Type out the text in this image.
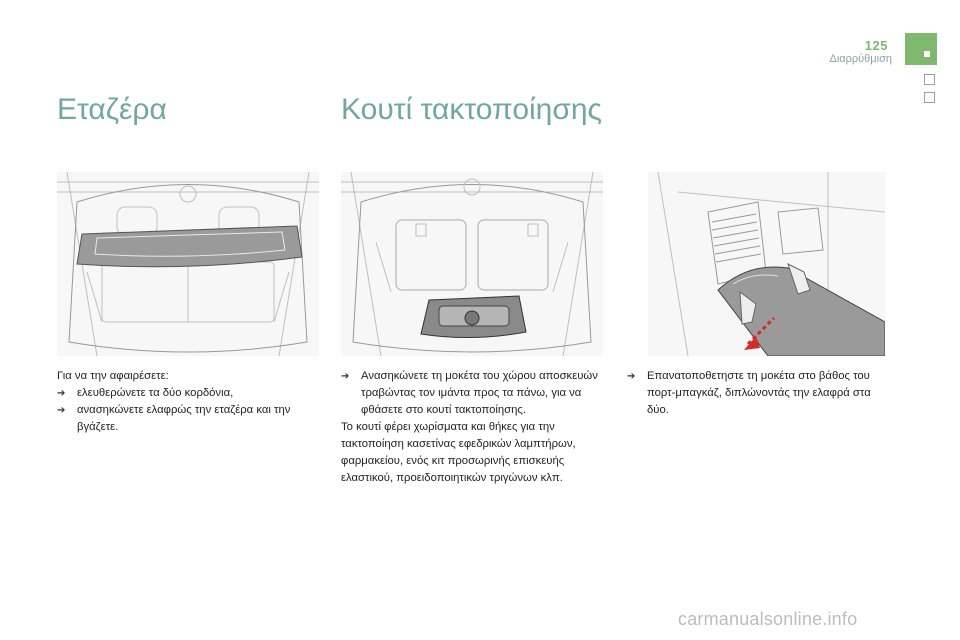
125
Διαρρύθμιση
Εταζέρα	Κουτί τακτοποίησης

Για να την αφαιρέσετε:

➔	ελευθερώνετε τα δύο κορδόνια,

➔	ανασηκώνετε ελαφρώς την εταζέρα και την βγάζετε.

➔	Ανασηκώνετε τη μοκέτα του χώρου αποσκευών τραβώντας τον ιμάντα προς τα πάνω, για να φθάσετε στο κουτί τακτοποίησης.

Το κουτί φέρει χωρίσματα και θήκες για την τακτοποίηση κασετίνας εφεδρικών λαμπτήρων, φαρμακείου, ενός κιτ προσωρινής επισκευής ελαστικού, προειδοποιητικών τριγώνων κλπ.

➔	Επανατοποθετηστε τη μοκέτα στο βάθος του πορτ-μπαγκάζ, διπλώνοντάς την ελαφρά στα δύο.

carmanualsonline.info
